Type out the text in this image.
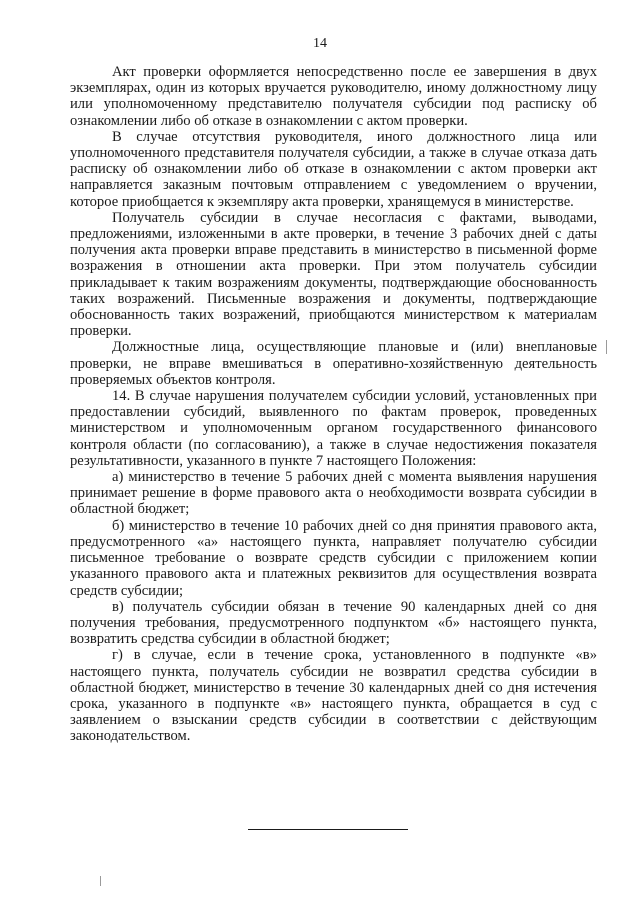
14

Акт проверки оформляется непосредственно после ее завершения в двух экземплярах, один из которых вручается руководителю, иному должностному лицу или уполномоченному представителю получателя субсидии под расписку об ознакомлении либо об отказе в ознакомлении с актом проверки.

В случае отсутствия руководителя, иного должностного лица или уполномоченного представителя получателя субсидии, а также в случае отказа дать расписку об ознакомлении либо об отказе в ознакомлении с актом проверки акт направляется заказным почтовым отправлением с уведомлением о вручении, которое приобщается к экземпляру акта проверки, хранящемуся в министерстве.

Получатель субсидии в случае несогласия с фактами, выводами, предложениями, изложенными в акте проверки, в течение 3 рабочих дней с даты получения акта проверки вправе представить в министерство в письменной форме возражения в отношении акта проверки. При этом получатель субсидии прикладывает к таким возражениям документы, подтверждающие обоснованность таких возражений. Письменные возражения и документы, подтверждающие обоснованность таких возражений, приобщаются министерством к материалам проверки.

Должностные лица, осуществляющие плановые и (или) внеплановые проверки, не вправе вмешиваться в оперативно-хозяйственную деятельность проверяемых объектов контроля.

14. В случае нарушения получателем субсидии условий, установленных при предоставлении субсидий, выявленного по фактам проверок, проведенных министерством и уполномоченным органом государственного финансового контроля области (по согласованию), а также в случае недостижения показателя результативности, указанного в пункте 7 настоящего Положения:

а) министерство в течение 5 рабочих дней с момента выявления нарушения принимает решение в форме правового акта о необходимости возврата субсидии в областной бюджет;

б) министерство в течение 10 рабочих дней со дня принятия правового акта, предусмотренного «а» настоящего пункта, направляет получателю субсидии письменное требование о возврате средств субсидии с приложением копии указанного правового акта и платежных реквизитов для осуществления возврата средств субсидии;

в) получатель субсидии обязан в течение 90 календарных дней со дня получения требования, предусмотренного подпунктом «б» настоящего пункта, возвратить средства субсидии в областной бюджет;

г) в случае, если в течение срока, установленного в подпункте «в» настоящего пункта, получатель субсидии не возвратил средства субсидии в областной бюджет, министерство в течение 30 календарных дней со дня истечения срока, указанного в подпункте «в» настоящего пункта, обращается в суд с заявлением о взыскании средств субсидии в соответствии с действующим законодательством.
